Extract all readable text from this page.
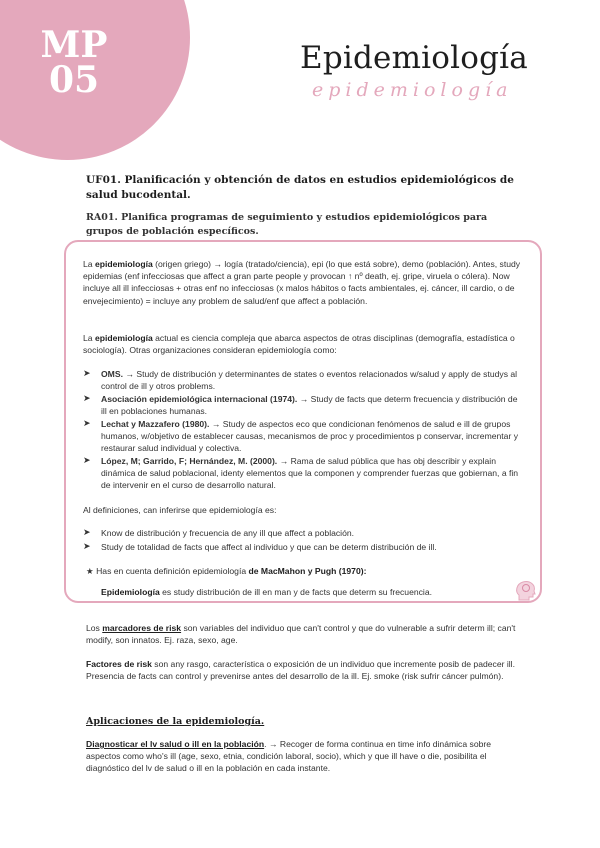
MP
05
Epidemiología
epidemiología
UF01. Planificación y obtención de datos en estudios epidemiológicos de salud bucodental.
RA01. Planifica programas de seguimiento y estudios epidemiológicos para grupos de población específicos.
La epidemiología (origen griego) → logía (tratado/ciencia), epi (lo que está sobre), demo (población). Antes, study epidemias (enf infecciosas que affect a gran parte people y provocan ↑ nº death, ej. gripe, viruela o cólera). Now incluye all ill infecciosas + otras enf no infecciosas (x malos hábitos o facts ambientales, ej. cáncer, ill cardio, o de envejecimiento) = incluye any problem de salud/enf que affect a población.
La epidemiología actual es ciencia compleja que abarca aspectos de otras disciplinas (demografía, estadística o sociología). Otras organizaciones consideran epidemiología como:
➤ OMS. → Study de distribución y determinantes de states o eventos relacionados w/salud y apply de studys al control de ill y otros problems.
➤ Asociación epidemiológica internacional (1974). → Study de facts que determ frecuencia y distribución de ill en poblaciones humanas.
➤ Lechat y Mazzafero (1980). → Study de aspectos eco que condicionan fenómenos de salud e ill de grupos humanos, w/objetivo de establecer causas, mecanismos de proc y procedimientos p conservar, incrementar y restaurar salud individual y colectiva.
➤ López, M; Garrido, F; Hernández, M. (2000). → Rama de salud pública que has obj describir y explain dinámica de salud poblacional, identy elementos que la componen y comprender fuerzas que gobiernan, a fin de intervenir en el curso de desarrollo natural.
Al definiciones, can inferirse que epidemiología es:
➤ Know de distribución y frecuencia de any ill que affect a población.
➤ Study de totalidad de facts que affect al individuo y que can be determ distribución de ill.
★ Has en cuenta definición epidemiología de MacMahon y Pugh (1970):
Epidemiología es study distribución de ill en man y de facts que determ su frecuencia.
Los marcadores de risk son variables del individuo que can't control y que do vulnerable a sufrir determ ill; can't modify, son innatos. Ej. raza, sexo, age.
Factores de risk son any rasgo, característica o exposición de un individuo que incremente posib de padecer ill. Presencia de facts can control y prevenirse antes del desarrollo de la ill. Ej. smoke (risk sufrir cáncer pulmón).
Aplicaciones de la epidemiología.
Diagnosticar el lv salud o ill en la población. → Recoger de forma continua en time info dinámica sobre aspectos como who's ill (age, sexo, etnia, condición laboral, socio), which y que ill have o die, posibilita el diagnóstico del lv de salud o ill en la población en cada instante.
